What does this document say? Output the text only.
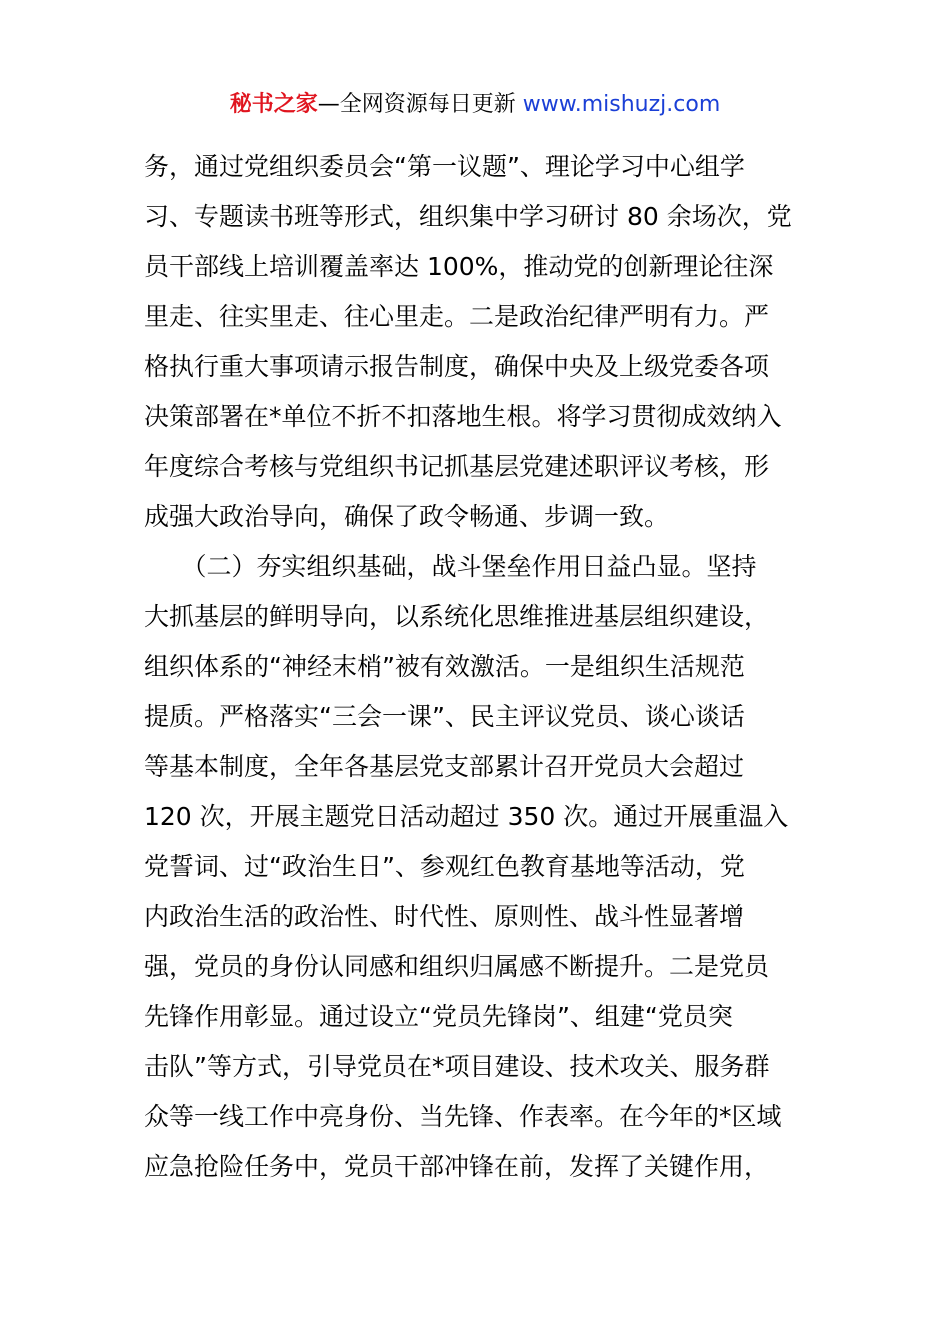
秘书之家—全网资源每日更新 www.mishuzj.com
务，通过党组织委员会“第一议题”、理论学习中心组学
习、专题读书班等形式，组织集中学习研讨 80 余场次，党
员干部线上培训覆盖率达 100%，推动党的创新理论往深
里走、往实里走、往心里走。二是政治纪律严明有力。严
格执行重大事项请示报告制度，确保中央及上级党委各项
决策部署在*单位不折不扣落地生根。将学习贯彻成效纳入
年度综合考核与党组织书记抓基层党建述职评议考核，形
成强大政治导向，确保了政令畅通、步调一致。
　　（二）夯实组织基础，战斗堡垒作用日益凸显。坚持
大抓基层的鲜明导向，以系统化思维推进基层组织建设，
组织体系的“神经末梢”被有效激活。一是组织生活规范
提质。严格落实“三会一课”、民主评议党员、谈心谈话
等基本制度，全年各基层党支部累计召开党员大会超过
120 次，开展主题党日活动超过 350 次。通过开展重温入
党誓词、过“政治生日”、参观红色教育基地等活动，党
内政治生活的政治性、时代性、原则性、战斗性显著增
强，党员的身份认同感和组织归属感不断提升。二是党员
先锋作用彰显。通过设立“党员先锋岗”、组建“党员突
击队”等方式，引导党员在*项目建设、技术攻关、服务群
众等一线工作中亮身份、当先锋、作表率。在今年的*区域
应急抢险任务中，党员干部冲锋在前，发挥了关键作用，
